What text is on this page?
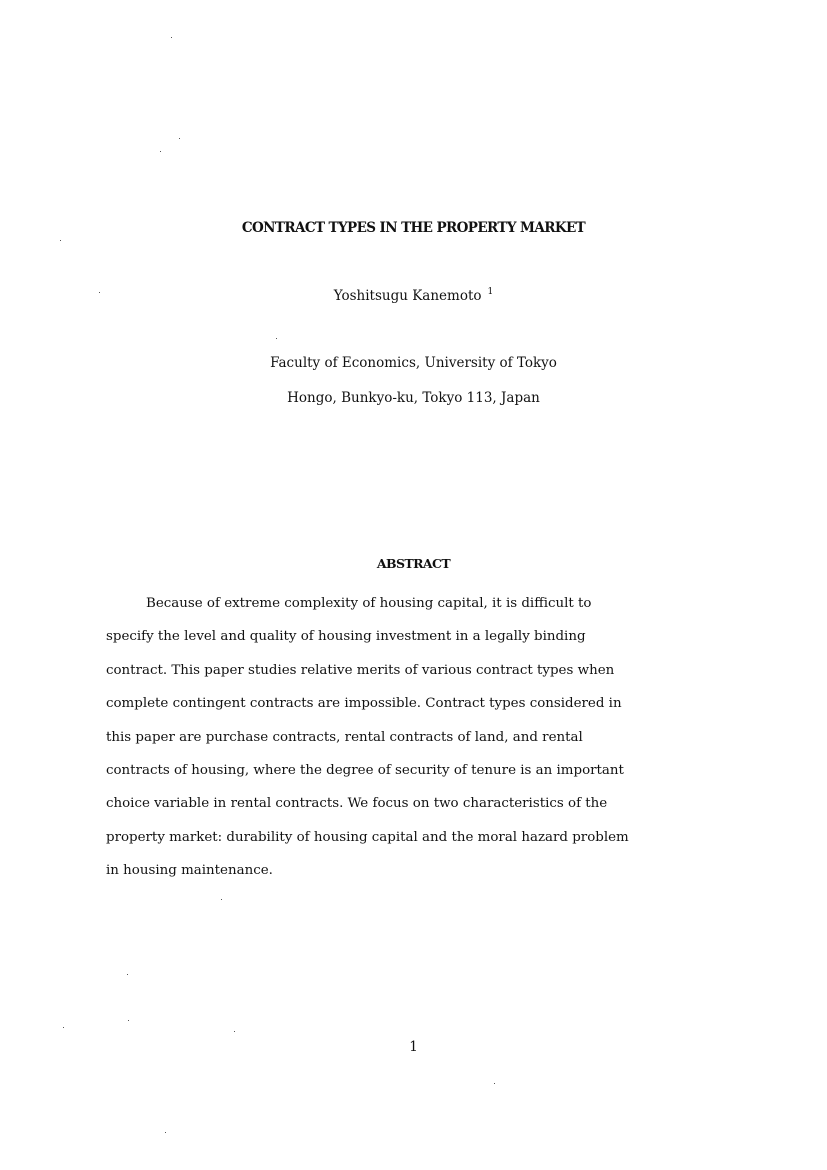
CONTRACT TYPES IN THE PROPERTY MARKET
Yoshitsugu Kanemoto $^1$
Faculty of Economics, University of Tokyo
Hongo, Bunkyo-ku, Tokyo 113, Japan
ABSTRACT
Because of extreme complexity of housing capital, it is difficult to
specify the level and quality of housing investment in a legally binding
contract. This paper studies relative merits of various contract types when
complete contingent contracts are impossible. Contract types considered in
this paper are purchase contracts, rental contracts of land, and rental
contracts of housing, where the degree of security of tenure is an important
choice variable in rental contracts. We focus on two characteristics of the
property market: durability of housing capital and the moral hazard problem
in housing maintenance.
1
